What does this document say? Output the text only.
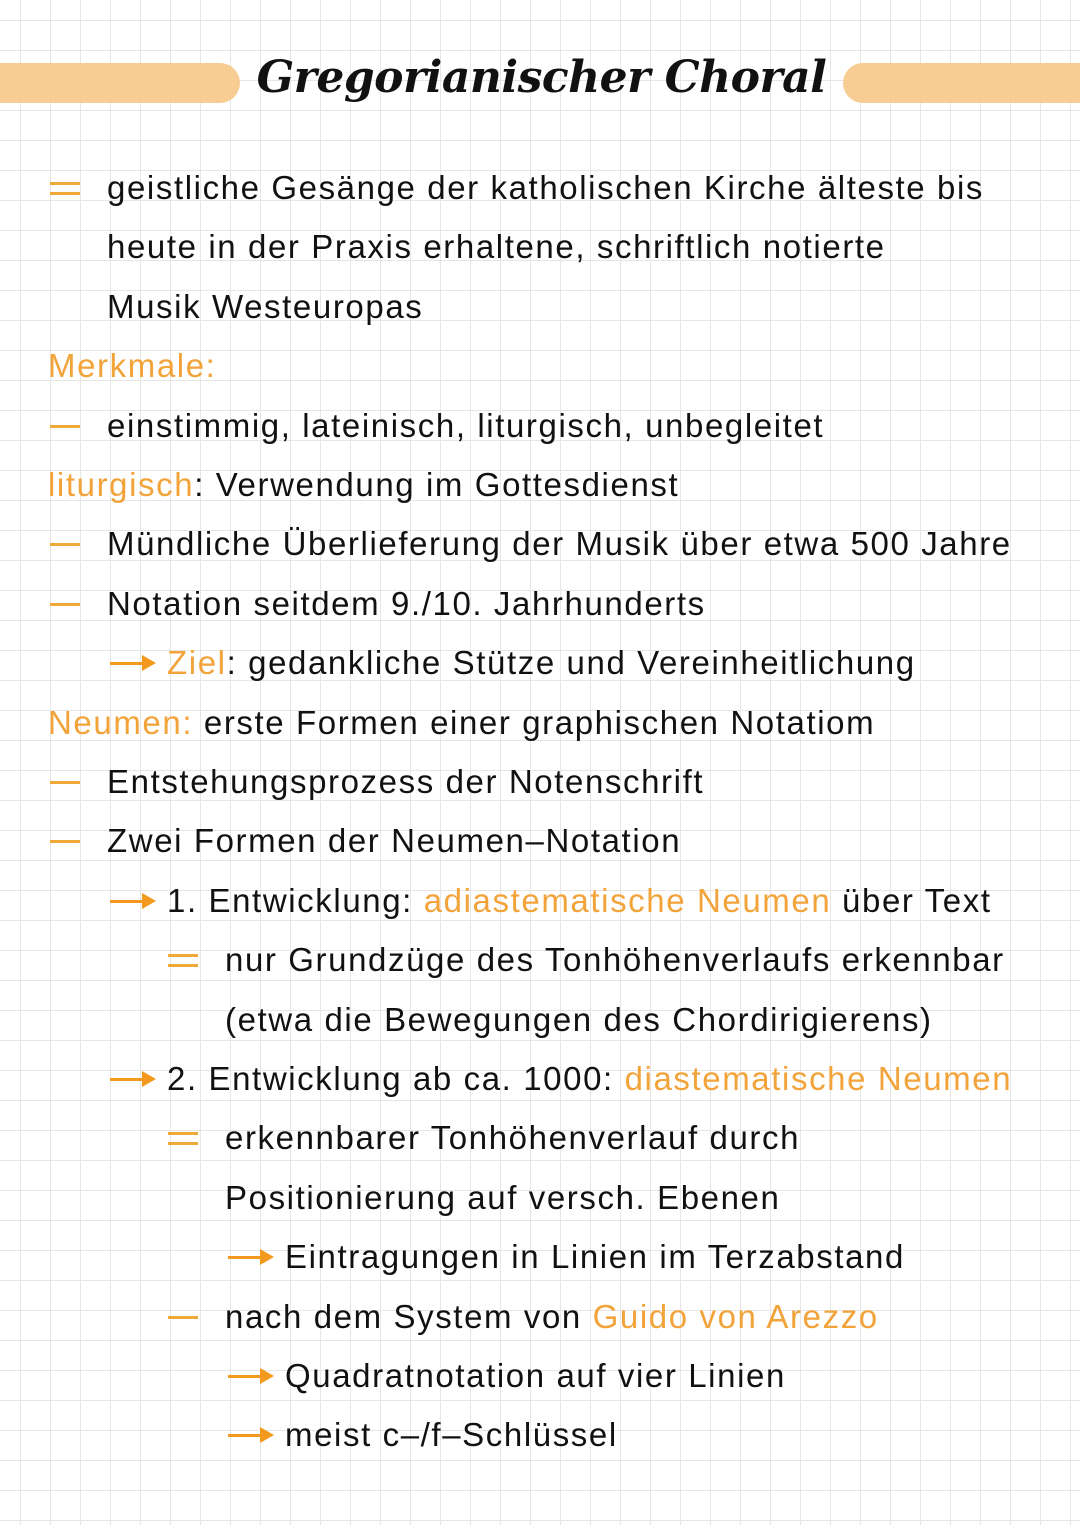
Gregorianischer Choral
geistliche Gesänge der katholischen Kirche älteste bis
heute in der Praxis erhaltene, schriftlich notierte
Musik Westeuropas
Merkmale:
einstimmig, lateinisch, liturgisch, unbegleitet
liturgisch: Verwendung im Gottesdienst
Mündliche Überlieferung der Musik über etwa 500 Jahre
Notation seitdem 9./10. Jahrhunderts
Ziel: gedankliche Stütze und Vereinheitlichung
Neumen: erste Formen einer graphischen Notatiom
Entstehungsprozess der Notenschrift
Zwei Formen der Neumen–Notation
1. Entwicklung: adiastematische Neumen über Text
nur Grundzüge des Tonhöhenverlaufs erkennbar
(etwa die Bewegungen des Chordirigierens)
2. Entwicklung ab ca. 1000: diastematische Neumen
erkennbarer Tonhöhenverlauf durch
Positionierung auf versch. Ebenen
Eintragungen in Linien im Terzabstand
nach dem System von Guido von Arezzo
Quadratnotation auf vier Linien
meist c–/f–Schlüssel
